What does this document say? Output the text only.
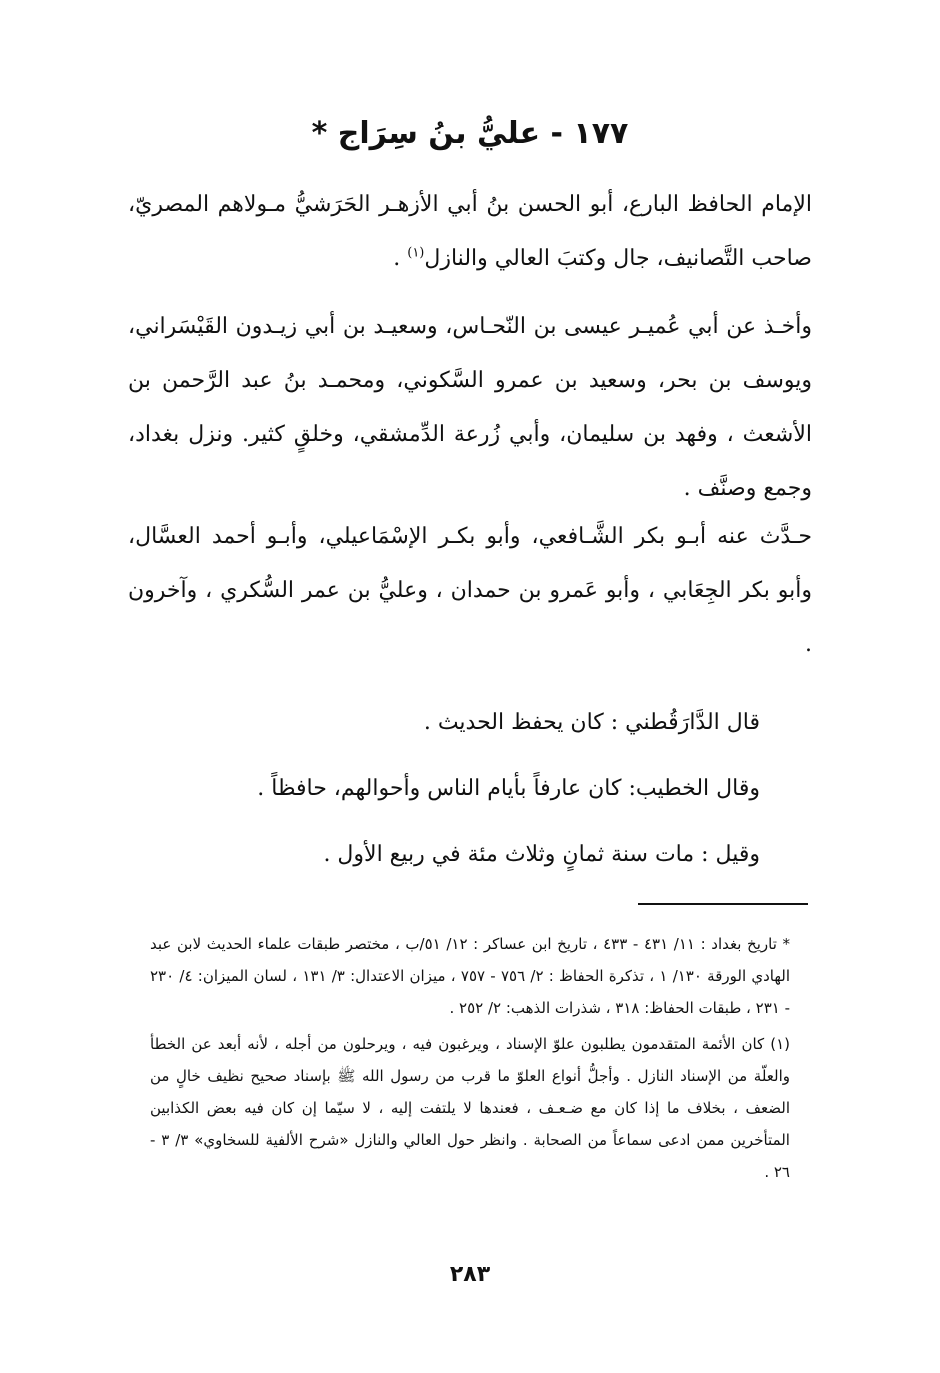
١٧٧ - عليُّ بنُ سِرَاج *
الإمام الحافظ البارع، أبو الحسن بنُ أبي الأزهـر الحَرَشيُّ مـولاهم المصريّ، صاحب التَّصانيف، جال وكتبَ العالي والنازل$^{(١)}$ .
وأخـذ عن أبي عُميـر عيسى بن النّحـاس، وسعيـد بن أبي زيـدون القَيْسَراني، ويوسف بن بحر، وسعيد بن عمرو السَّكوني، ومحمـد بنُ عبد الرَّحمن بن الأشعث ، وفهد بن سليمان، وأبي زُرعة الدِّمشقي، وخلقٍ كثير. ونزل بغداد، وجمع وصنَّف .
حـدَّث عنه أبـو بكر الشَّـافعي، وأبو بكـر الإسْمَاعيلي، وأبـو أحمد العسَّال، وأبو بكر الجِعَابي ، وأبو عَمرو بن حمدان ، وعليُّ بن عمر السُّكري ، وآخرون .
قال الدَّارَقُطني : كان يحفظ الحديث .
وقال الخطيب: كان عارفاً بأيام الناس وأحوالهم، حافظاً .
وقيل : مات سنة ثمانٍ وثلاث مئة في ربيع الأول .

* تاريخ بغداد : ١١/ ٤٣١ - ٤٣٣ ، تاريخ ابن عساكر : ١٢/ ٥١/ب ، مختصر طبقات علماء الحديث لابن عبد الهادي الورقة ١٣٠/ ١ ، تذكرة الحفاظ : ٢/ ٧٥٦ - ٧٥٧ ، ميزان الاعتدال: ٣/ ١٣١ ، لسان الميزان: ٤/ ٢٣٠ - ٢٣١ ، طبقات الحفاظ: ٣١٨ ، شذرات الذهب: ٢/ ٢٥٢ .

(١) كان الأئمة المتقدمون يطلبون علوّ الإسناد ، ويرغبون فيه ، ويرحلون من أجله ، لأنه أبعد عن الخطأ والعلّة من الإسناد النازل . وأجلُّ أنواع العلوّ ما قرب من رسول الله ﷺ بإسناد صحيح نظيف خالٍ من الضعف ، بخلاف ما إذا كان مع ضـعـف ، فعندها لا يلتفت إليه ، لا سيّما إن كان فيه بعض الكذابين المتأخرين ممن ادعى سماعاً من الصحابة . وانظر حول العالي والنازل «شرح الألفية للسخاوي» ٣/ ٣ - ٢٦ .

٢٨٣
